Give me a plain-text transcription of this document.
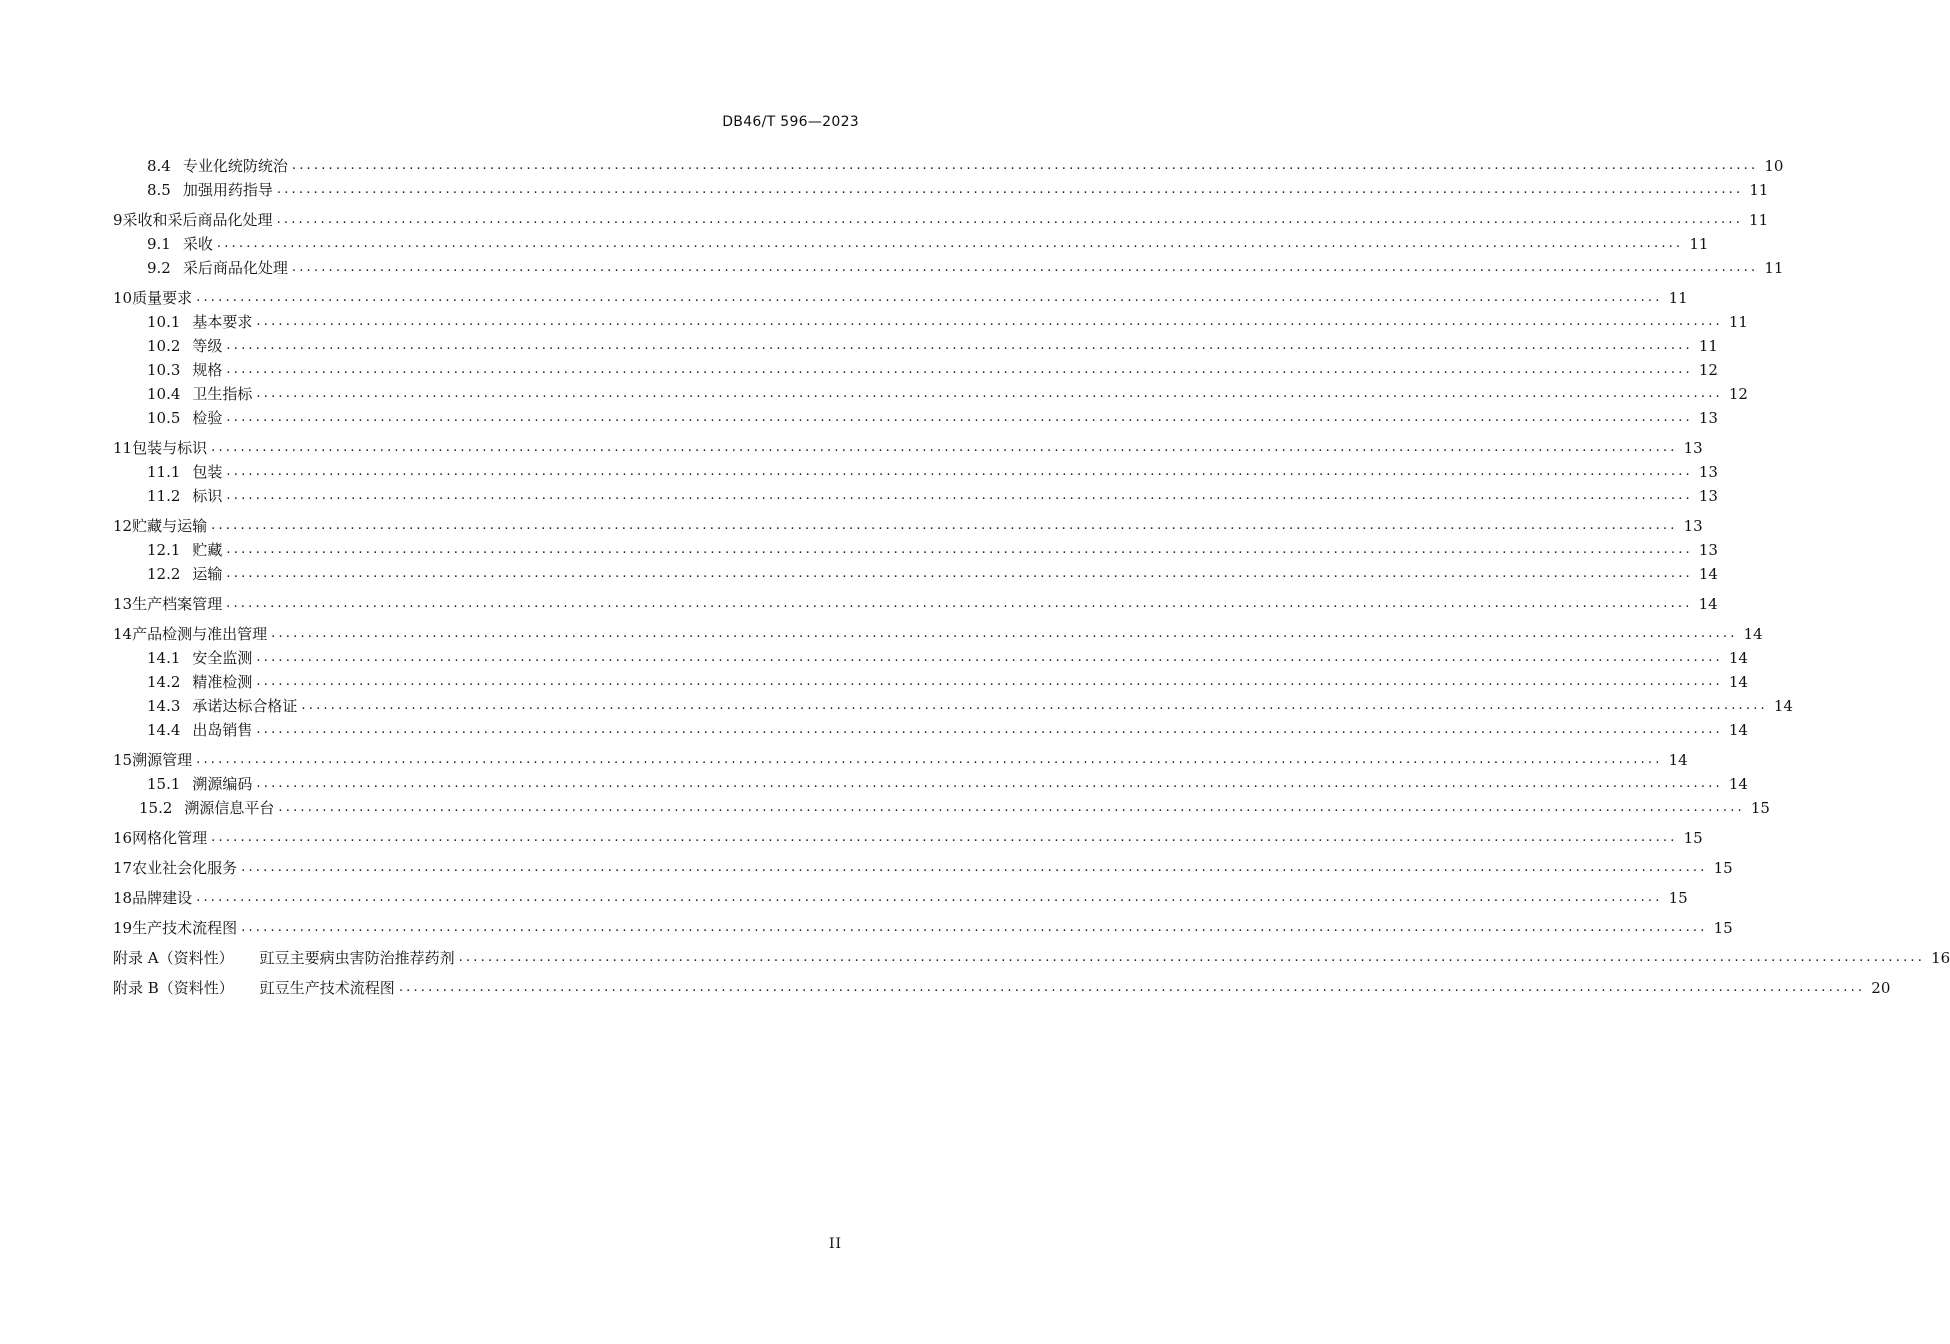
DB46/T 596—2023
8.4 专业化统防统治 ........................................................................................................................................................................................................ 10
8.5 加强用药指导 ........................................................................................................................................................................................................ 11
9 采收和采后商品化处理 ........................................................................................................................................................................................................ 11
9.1 采收 ........................................................................................................................................................................................................ 11
9.2 采后商品化处理 ........................................................................................................................................................................................................ 11
10 质量要求 ........................................................................................................................................................................................................ 11
10.1 基本要求 ........................................................................................................................................................................................................ 11
10.2 等级 ........................................................................................................................................................................................................ 11
10.3 规格 ........................................................................................................................................................................................................ 12
10.4 卫生指标 ........................................................................................................................................................................................................ 12
10.5 检验 ........................................................................................................................................................................................................ 13
11 包装与标识 ........................................................................................................................................................................................................ 13
11.1 包装 ........................................................................................................................................................................................................ 13
11.2 标识 ........................................................................................................................................................................................................ 13
12 贮藏与运输 ........................................................................................................................................................................................................ 13
12.1 贮藏 ........................................................................................................................................................................................................ 13
12.2 运输 ........................................................................................................................................................................................................ 14
13 生产档案管理 ........................................................................................................................................................................................................ 14
14 产品检测与准出管理 ........................................................................................................................................................................................................ 14
14.1 安全监测 ........................................................................................................................................................................................................ 14
14.2 精准检测 ........................................................................................................................................................................................................ 14
14.3 承诺达标合格证 ........................................................................................................................................................................................................ 14
14.4 出岛销售 ........................................................................................................................................................................................................ 14
15 溯源管理 ........................................................................................................................................................................................................ 14
15.1 溯源编码 ........................................................................................................................................................................................................ 14
15.2 溯源信息平台 ........................................................................................................................................................................................................ 15
16 网格化管理 ........................................................................................................................................................................................................ 15
17 农业社会化服务 ........................................................................................................................................................................................................ 15
18 品牌建设 ........................................................................................................................................................................................................ 15
19 生产技术流程图 ........................................................................................................................................................................................................ 15
附录 A（资料性） 豇豆主要病虫害防治推荐药剂 ........................................................................................................................................................................................................ 16
附录 B（资料性） 豇豆生产技术流程图 ........................................................................................................................................................................................................ 20
II
